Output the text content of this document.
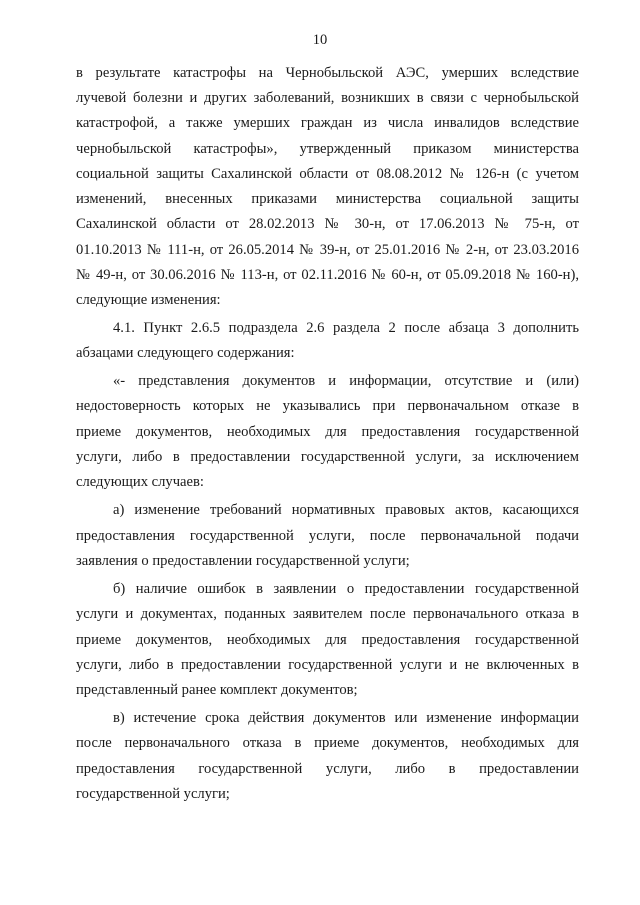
10
в результате катастрофы на Чернобыльской АЭС, умерших вследствие
лучевой болезни и других заболеваний, возникших в связи с чернобыльской
катастрофой, а также умерших граждан из числа инвалидов вследствие
чернобыльской катастрофы», утвержденный приказом министерства
социальной защиты Сахалинской области от 08.08.2012 № 126-н (с учетом
изменений, внесенных приказами министерства социальной защиты
Сахалинской области от 28.02.2013 № 30-н, от 17.06.2013 № 75-н, от
01.10.2013 № 111-н, от 26.05.2014 № 39-н, от 25.01.2016 № 2-н, от 23.03.2016
№ 49-н, от 30.06.2016 № 113-н, от 02.11.2016 № 60-н, от 05.09.2018 № 160-н),
следующие изменения:
4.1. Пункт 2.6.5 подраздела 2.6 раздела 2 после абзаца 3 дополнить
абзацами следующего содержания:
«- представления документов и информации, отсутствие и (или)
недостоверность которых не указывались при первоначальном отказе в
приеме документов, необходимых для предоставления государственной
услуги, либо в предоставлении государственной услуги, за исключением
следующих случаев:
а) изменение требований нормативных правовых актов, касающихся
предоставления государственной услуги, после первоначальной подачи
заявления о предоставлении государственной услуги;
б) наличие ошибок в заявлении о предоставлении государственной
услуги и документах, поданных заявителем после первоначального отказа в
приеме документов, необходимых для предоставления государственной
услуги, либо в предоставлении государственной услуги и не включенных в
представленный ранее комплект документов;
в) истечение срока действия документов или изменение информации
после первоначального отказа в приеме документов, необходимых для
предоставления государственной услуги, либо в предоставлении
государственной услуги;
